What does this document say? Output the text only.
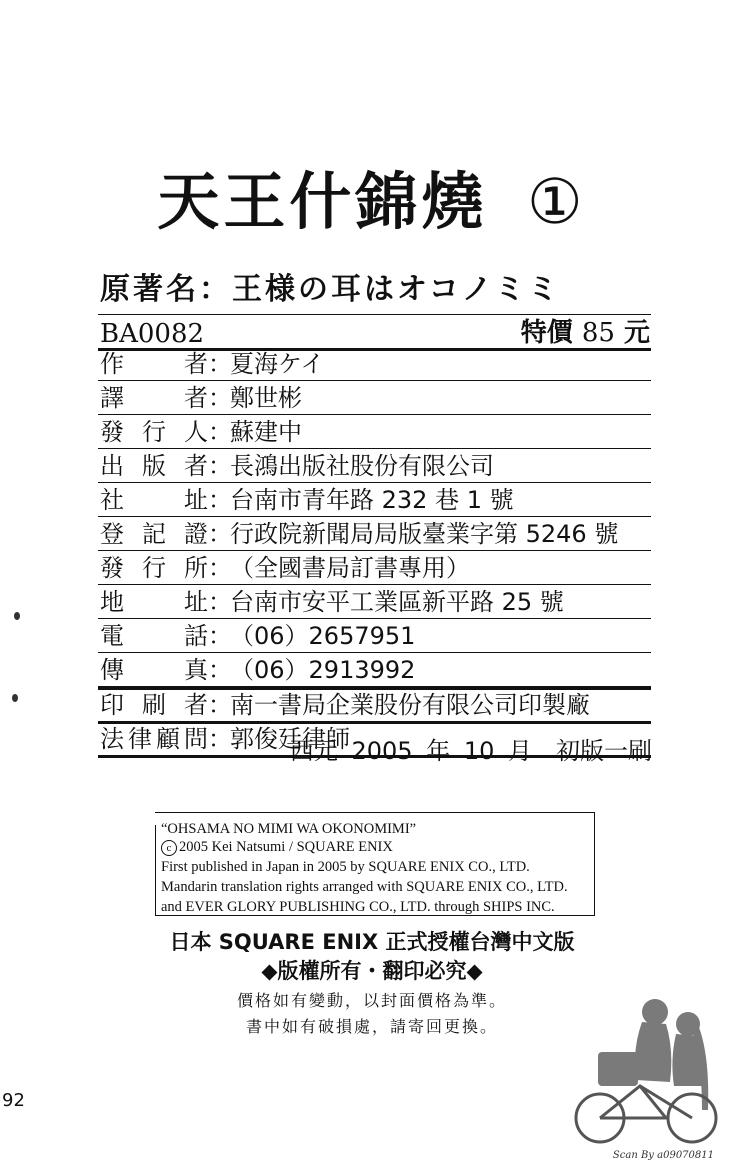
天王什錦燒 ①
原著名：王様の耳はオコノミミ
BA0082	特價 85 元
作者：夏海ケイ
譯者：鄭世彬
發行人：蘇建中
出版者：長鴻出版社股份有限公司
社址：台南市青年路 232 巷 1 號
登記證：行政院新聞局局版臺業字第 5246 號
發行所：（全國書局訂書專用）
地址：台南市安平工業區新平路 25 號
電話：（06）2657951
傳真：（06）2913992
印刷者：南一書局企業股份有限公司印製廠
法律顧問：郭俊廷律師
西元 2005 年 10 月　初版一刷
“OHSAMA NO MIMI WA OKONOMIMI”
c 2005 Kei Natsumi / SQUARE ENIX
First published in Japan in 2005 by SQUARE ENIX CO., LTD.
Mandarin translation rights arranged with SQUARE ENIX CO., LTD.
and EVER GLORY PUBLISHING CO., LTD. through SHIPS INC.
日本 SQUARE ENIX 正式授權台灣中文版
◆版權所有・翻印必究◆
價格如有變動，以封面價格為準。
書中如有破損處，請寄回更換。
92
Scan By a09070811
